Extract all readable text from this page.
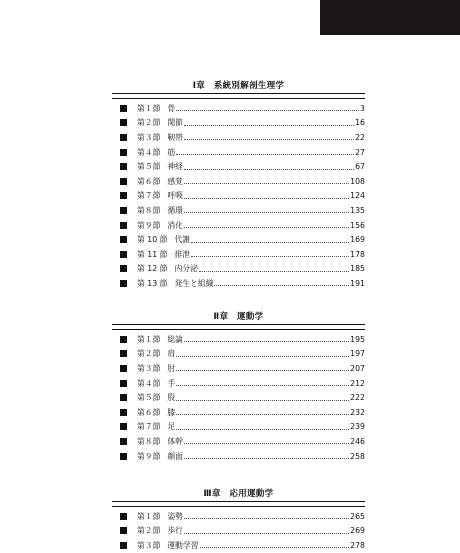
Ⅰ章　系統別解剖生理学
第１節 骨	3
第２節 関節	16
第３節 靭帯	22
第４節 筋	27
第５節 神経	67
第６節 感覚	108
第７節 呼吸	124
第８節 循環	135
第９節 消化	156
第 10 節 代謝	169
第 11 節 排泄	178
第 12 節 内分泌	185
第 13 節 発生と組織	191
Ⅱ章　運動学
第１節 総論	195
第２節 肩	197
第３節 肘	207
第４節 手	212
第５節 股	222
第６節 膝	232
第７節 足	239
第８節 体幹	246
第９節 顔面	258
Ⅲ章　応用運動学
第１節 姿勢	265
第２節 歩行	269
第３節 運動学習	278
